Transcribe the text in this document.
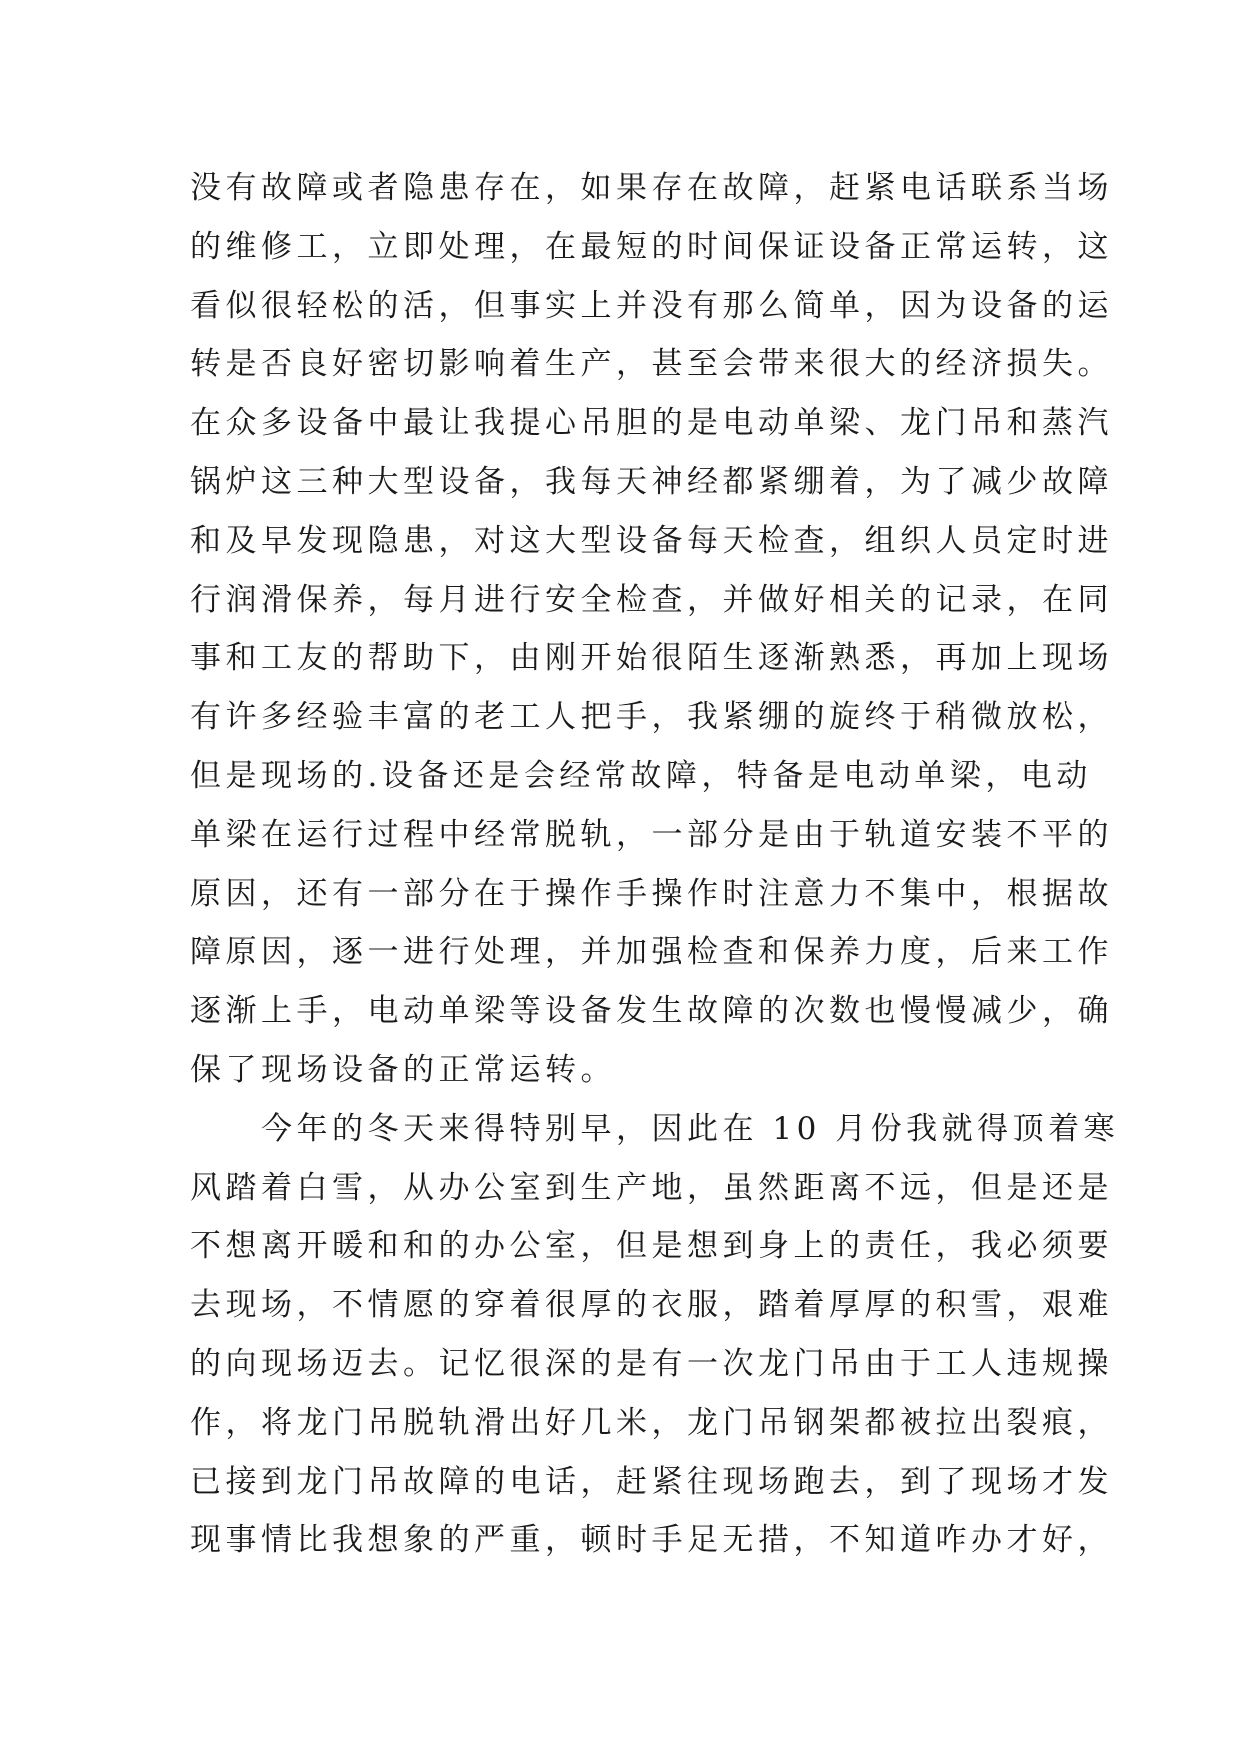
没有故障或者隐患存在，如果存在故障，赶紧电话联系当场
的维修工，立即处理，在最短的时间保证设备正常运转，这
看似很轻松的活，但事实上并没有那么简单，因为设备的运
转是否良好密切影响着生产，甚至会带来很大的经济损失。
在众多设备中最让我提心吊胆的是电动单梁、龙门吊和蒸汽
锅炉这三种大型设备，我每天神经都紧绷着，为了减少故障
和及早发现隐患，对这大型设备每天检查，组织人员定时进
行润滑保养，每月进行安全检查，并做好相关的记录，在同
事和工友的帮助下，由刚开始很陌生逐渐熟悉，再加上现场
有许多经验丰富的老工人把手，我紧绷的旋终于稍微放松，
但是现场的.设备还是会经常故障，特备是电动单梁，电动
单梁在运行过程中经常脱轨，一部分是由于轨道安装不平的
原因，还有一部分在于操作手操作时注意力不集中，根据故
障原因，逐一进行处理，并加强检查和保养力度，后来工作
逐渐上手，电动单梁等设备发生故障的次数也慢慢减少，确
保了现场设备的正常运转。
　　今年的冬天来得特别早，因此在 10 月份我就得顶着寒
风踏着白雪，从办公室到生产地，虽然距离不远，但是还是
不想离开暖和和的办公室，但是想到身上的责任，我必须要
去现场，不情愿的穿着很厚的衣服，踏着厚厚的积雪，艰难
的向现场迈去。记忆很深的是有一次龙门吊由于工人违规操
作，将龙门吊脱轨滑出好几米，龙门吊钢架都被拉出裂痕，
已接到龙门吊故障的电话，赶紧往现场跑去，到了现场才发
现事情比我想象的严重，顿时手足无措，不知道咋办才好，
